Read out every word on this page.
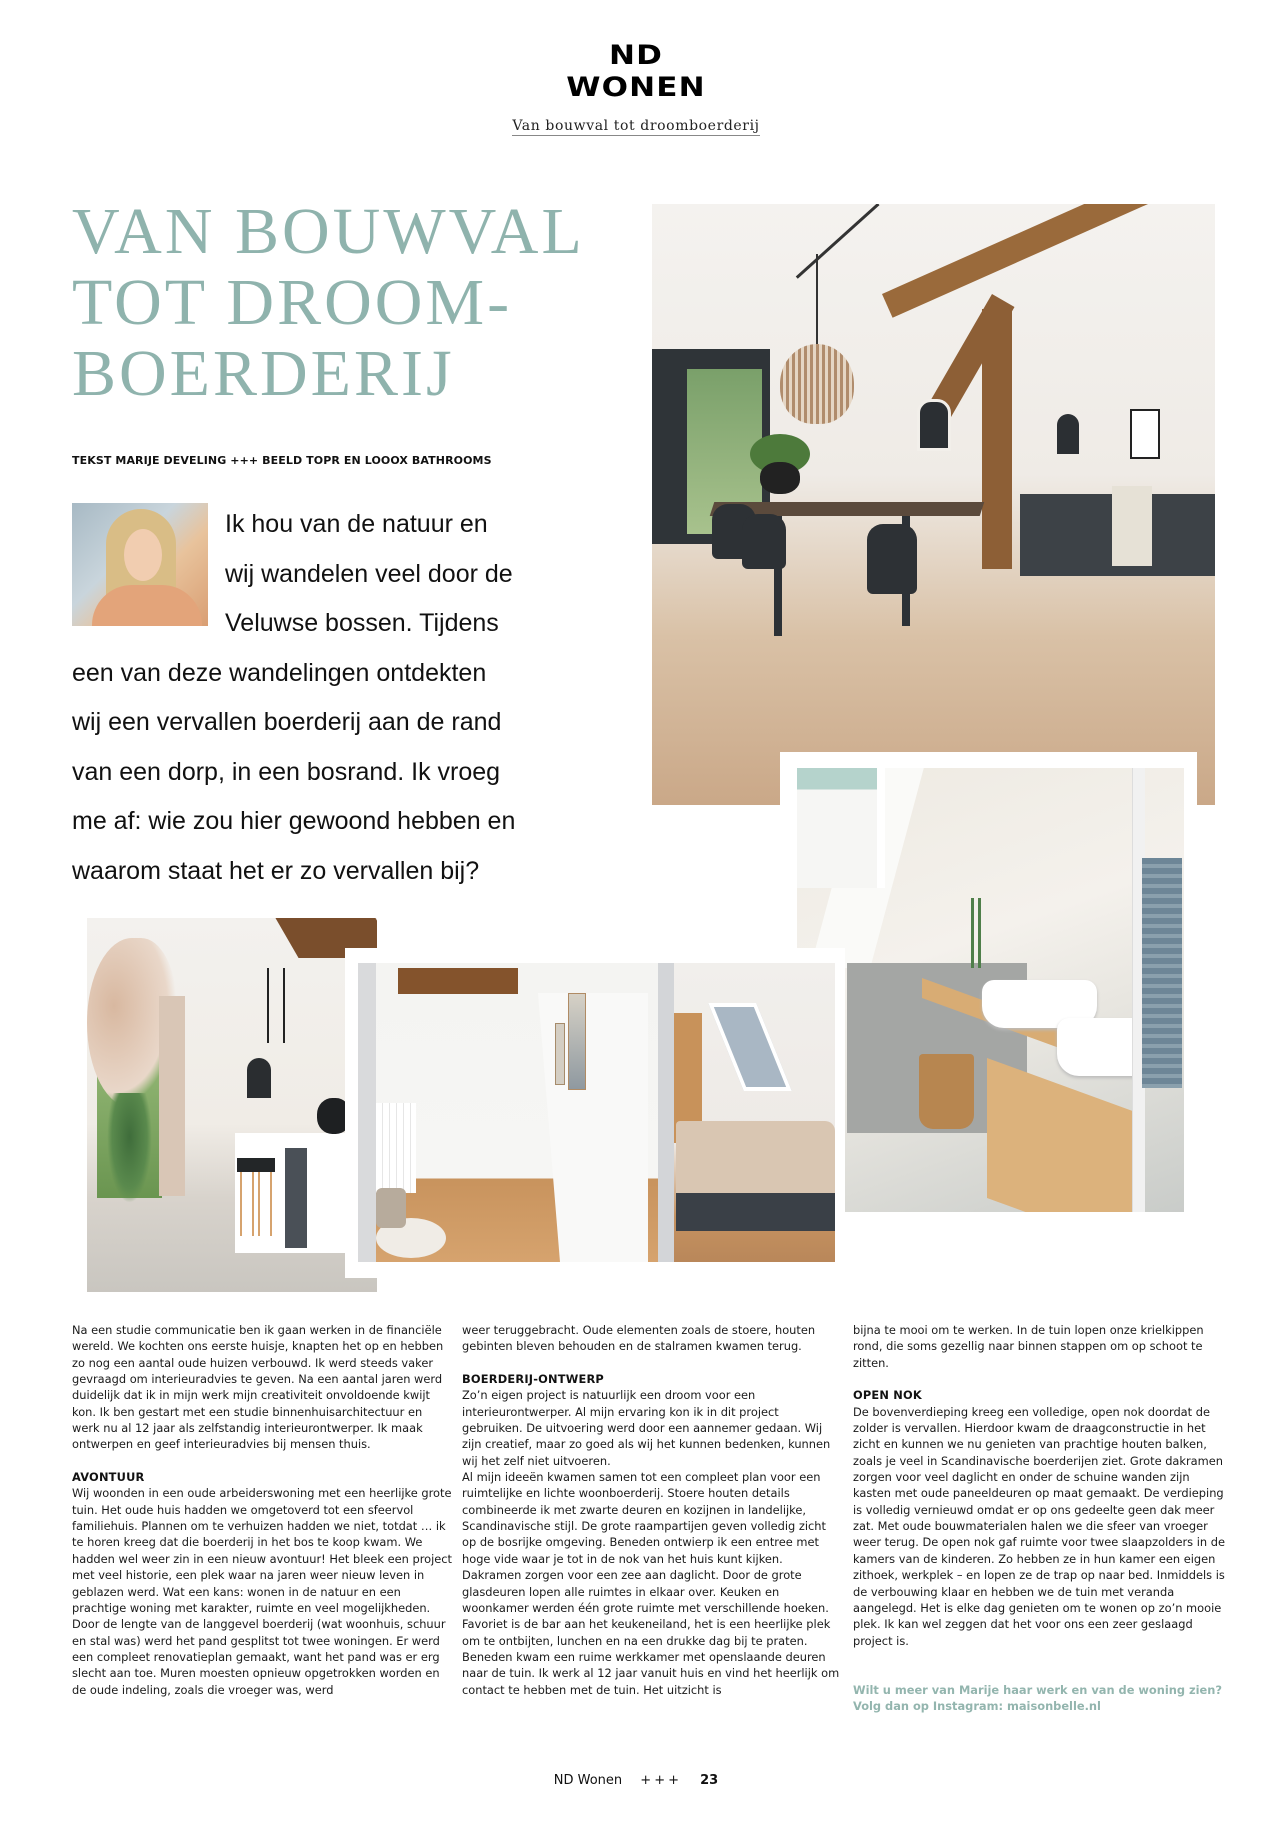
ND
WONEN
Van bouwval tot droomboerderij
VAN BOUWVAL
TOT DROOM-
BOERDERIJ
TEKST MARIJE DEVELING +++ BEELD TOPR EN LOOOX BATHROOMS
Ik hou van de natuur en
wij wandelen veel door de
Veluwse bossen. Tijdens
een van deze wandelingen ontdekten
wij een vervallen boerderij aan de rand
van een dorp, in een bosrand. Ik vroeg
me af: wie zou hier gewoond hebben en
waarom staat het er zo vervallen bij?

Na een studie communicatie ben ik gaan werken in de financiële wereld. We kochten ons eerste huisje, knapten het op en hebben zo nog een aantal oude huizen verbouwd. Ik werd steeds vaker gevraagd om interieuradvies te geven. Na een aantal jaren werd duidelijk dat ik in mijn werk mijn creativiteit onvoldoende kwijt kon. Ik ben gestart met een studie binnenhuisarchitectuur en werk nu al 12 jaar als zelfstandig interieurontwerper. Ik maak ontwerpen en geef interieuradvies bij mensen thuis.

AVONTUUR

Wij woonden in een oude arbeiderswoning met een heerlijke grote tuin. Het oude huis hadden we omgetoverd tot een sfeervol familiehuis. Plannen om te verhuizen hadden we niet, totdat … ik te horen kreeg dat die boerderij in het bos te koop kwam. We hadden wel weer zin in een nieuw avontuur! Het bleek een project met veel historie, een plek waar na jaren weer nieuw leven in geblazen werd. Wat een kans: wonen in de natuur en een prachtige woning met karakter, ruimte en veel mogelijkheden. Door de lengte van de langgevel boerderij (wat woonhuis, schuur en stal was) werd het pand gesplitst tot twee woningen. Er werd een compleet renovatieplan gemaakt, want het pand was er erg slecht aan toe. Muren moesten opnieuw opgetrokken worden en de oude indeling, zoals die vroeger was, werd

weer teruggebracht. Oude elementen zoals de stoere, houten gebinten bleven behouden en de stalramen kwamen terug.

BOERDERIJ-ONTWERP

Zo’n eigen project is natuurlijk een droom voor een interieurontwerper. Al mijn ervaring kon ik in dit project gebruiken. De uitvoering werd door een aannemer gedaan. Wij zijn creatief, maar zo goed als wij het kunnen bedenken, kunnen wij het zelf niet uitvoeren.

Al mijn ideeën kwamen samen tot een compleet plan voor een ruimtelijke en lichte woonboerderij. Stoere houten details combineerde ik met zwarte deuren en kozijnen in landelijke, Scandinavische stijl. De grote raampartijen geven volledig zicht op de bosrijke omgeving. Beneden ontwierp ik een entree met hoge vide waar je tot in de nok van het huis kunt kijken. Dakramen zorgen voor een zee aan daglicht. Door de grote glasdeuren lopen alle ruimtes in elkaar over. Keuken en woonkamer werden één grote ruimte met verschillende hoeken. Favoriet is de bar aan het keukeneiland, het is een heerlijke plek om te ontbijten, lunchen en na een drukke dag bij te praten.

Beneden kwam een ruime werkkamer met openslaande deuren naar de tuin. Ik werk al 12 jaar vanuit huis en vind het heerlijk om contact te hebben met de tuin. Het uitzicht is

bijna te mooi om te werken. In de tuin lopen onze krielkippen rond, die soms gezellig naar binnen stappen om op schoot te zitten.

OPEN NOK

De bovenverdieping kreeg een volledige, open nok doordat de zolder is vervallen. Hierdoor kwam de draagconstructie in het zicht en kunnen we nu genieten van prachtige houten balken, zoals je veel in Scandinavische boerderijen ziet. Grote dakramen zorgen voor veel daglicht en onder de schuine wanden zijn kasten met oude paneeldeuren op maat gemaakt. De verdieping is volledig vernieuwd omdat er op ons gedeelte geen dak meer zat. Met oude bouwmaterialen halen we die sfeer van vroeger weer terug. De open nok gaf ruimte voor twee slaapzolders in de kamers van de kinderen. Zo hebben ze in hun kamer een eigen zithoek, werkplek – en lopen ze de trap op naar bed. Inmiddels is de verbouwing klaar en hebben we de tuin met veranda aangelegd. Het is elke dag genieten om te wonen op zo’n mooie plek. Ik kan wel zeggen dat het voor ons een zeer geslaagd project is.

Wilt u meer van Marije haar werk en van de woning zien? Volg dan op Instagram: maisonbelle.nl

ND Wonen +++ 23
